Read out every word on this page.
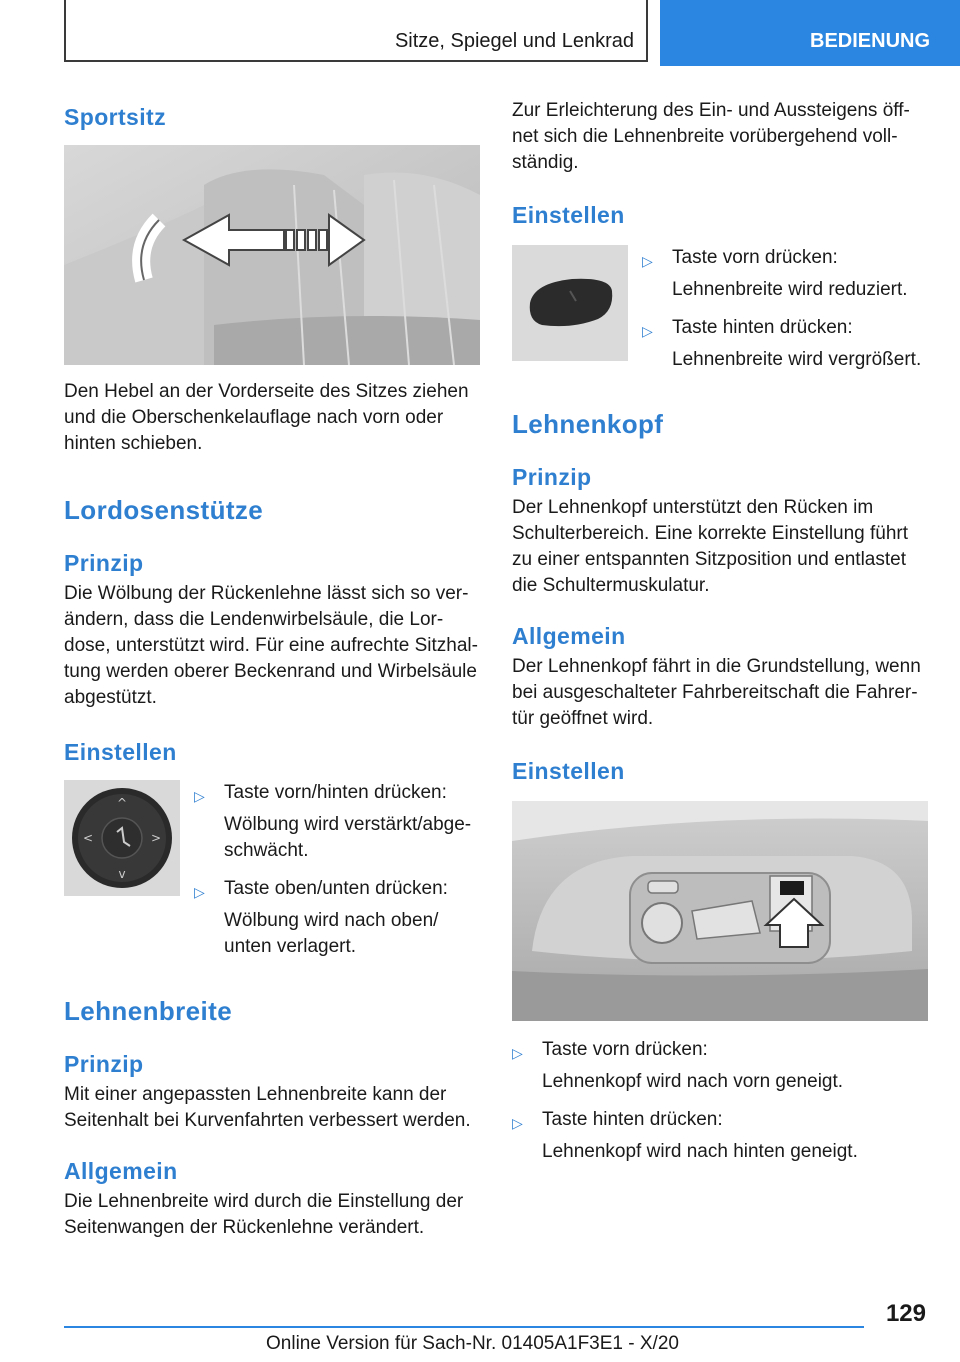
Sitze, Spiegel und Lenkrad	BEDIENUNG
Sportsitz

Den Hebel an der Vorderseite des Sitzes ziehen und die Oberschenkelauflage nach vorn oder hinten schieben.

Lordosenstütze
Prinzip

Die Wölbung der Rückenlehne lässt sich so verändern, dass die Lendenwirbelsäule, die Lordose, unterstützt wird. Für eine aufrechte Sitzhaltung werden oberer Beckenrand und Wirbelsäule abgestützt.

Einstellen
^
v
<	>
▷ Taste vorn/hinten drücken:
Wölbung wird verstärkt/abgeschwächt.
▷ Taste oben/unten drücken:
Wölbung wird nach oben/ unten verlagert.
Lehnenbreite
Prinzip

Mit einer angepassten Lehnenbreite kann der Seitenhalt bei Kurvenfahrten verbessert werden.

Allgemein

Die Lehnenbreite wird durch die Einstellung der Seitenwangen der Rückenlehne verändert.

Zur Erleichterung des Ein- und Aussteigens öffnet sich die Lehnenbreite vorübergehend vollständig.

Einstellen
▷ Taste vorn drücken:
Lehnenbreite wird reduziert.
▷ Taste hinten drücken:
Lehnenbreite wird vergrößert.
Lehnenkopf
Prinzip

Der Lehnenkopf unterstützt den Rücken im Schulterbereich. Eine korrekte Einstellung führt zu einer entspannten Sitzposition und entlastet die Schultermuskulatur.

Allgemein

Der Lehnenkopf fährt in die Grundstellung, wenn bei ausgeschalteter Fahrbereitschaft die Fahrertür geöffnet wird.

Einstellen
▷ Taste vorn drücken:
Lehnenkopf wird nach vorn geneigt.
▷ Taste hinten drücken:
Lehnenkopf wird nach hinten geneigt.
129
Online Version für Sach-Nr. 01405A1F3E1 - X/20
